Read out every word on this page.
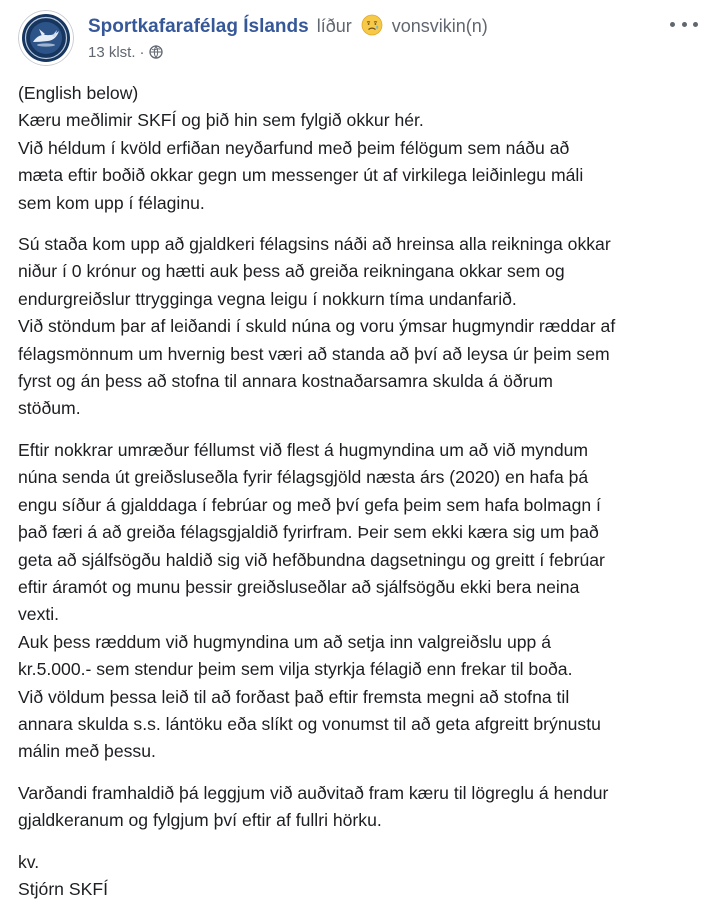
Sportkafarafélag Íslands líður vonsvikin(n)
13 klst. ·

(English below)
Kæru meðlimir SKFÍ og þið hin sem fylgið okkur hér.
Við héldum í kvöld erfiðan neyðarfund með þeim félögum sem náðu að
mæta eftir boðið okkar gegn um messenger út af virkilega leiðinlegu máli
sem kom upp í félaginu.

Sú staða kom upp að gjaldkeri félagsins náði að hreinsa alla reikninga okkar
niður í 0 krónur og hætti auk þess að greiða reikningana okkar sem og
endurgreiðslur ttrygginga vegna leigu í nokkurn tíma undanfarið.
Við stöndum þar af leiðandi í skuld núna og voru ýmsar hugmyndir ræddar af
félagsmönnum um hvernig best væri að standa að því að leysa úr þeim sem
fyrst og án þess að stofna til annara kostnaðarsamra skulda á öðrum
stöðum.

Eftir nokkrar umræður féllumst við flest á hugmyndina um að við myndum
núna senda út greiðsluseðla fyrir félagsgjöld næsta árs (2020) en hafa þá
engu síður á gjalddaga í febrúar og með því gefa þeim sem hafa bolmagn í
það færi á að greiða félagsgjaldið fyrirfram. Þeir sem ekki kæra sig um það
geta að sjálfsögðu haldið sig við hefðbundna dagsetningu og greitt í febrúar
eftir áramót og munu þessir greiðsluseðlar að sjálfsögðu ekki bera neina
vexti.
Auk þess ræddum við hugmyndina um að setja inn valgreiðslu upp á
kr.5.000.- sem stendur þeim sem vilja styrkja félagið enn frekar til boða.
Við völdum þessa leið til að forðast það eftir fremsta megni að stofna til
annara skulda s.s. lántöku eða slíkt og vonumst til að geta afgreitt brýnustu
málin með þessu.

Varðandi framhaldið þá leggjum við auðvitað fram kæru til lögreglu á hendur
gjaldkeranum og fylgjum því eftir af fullri hörku.

kv.
Stjórn SKFÍ
